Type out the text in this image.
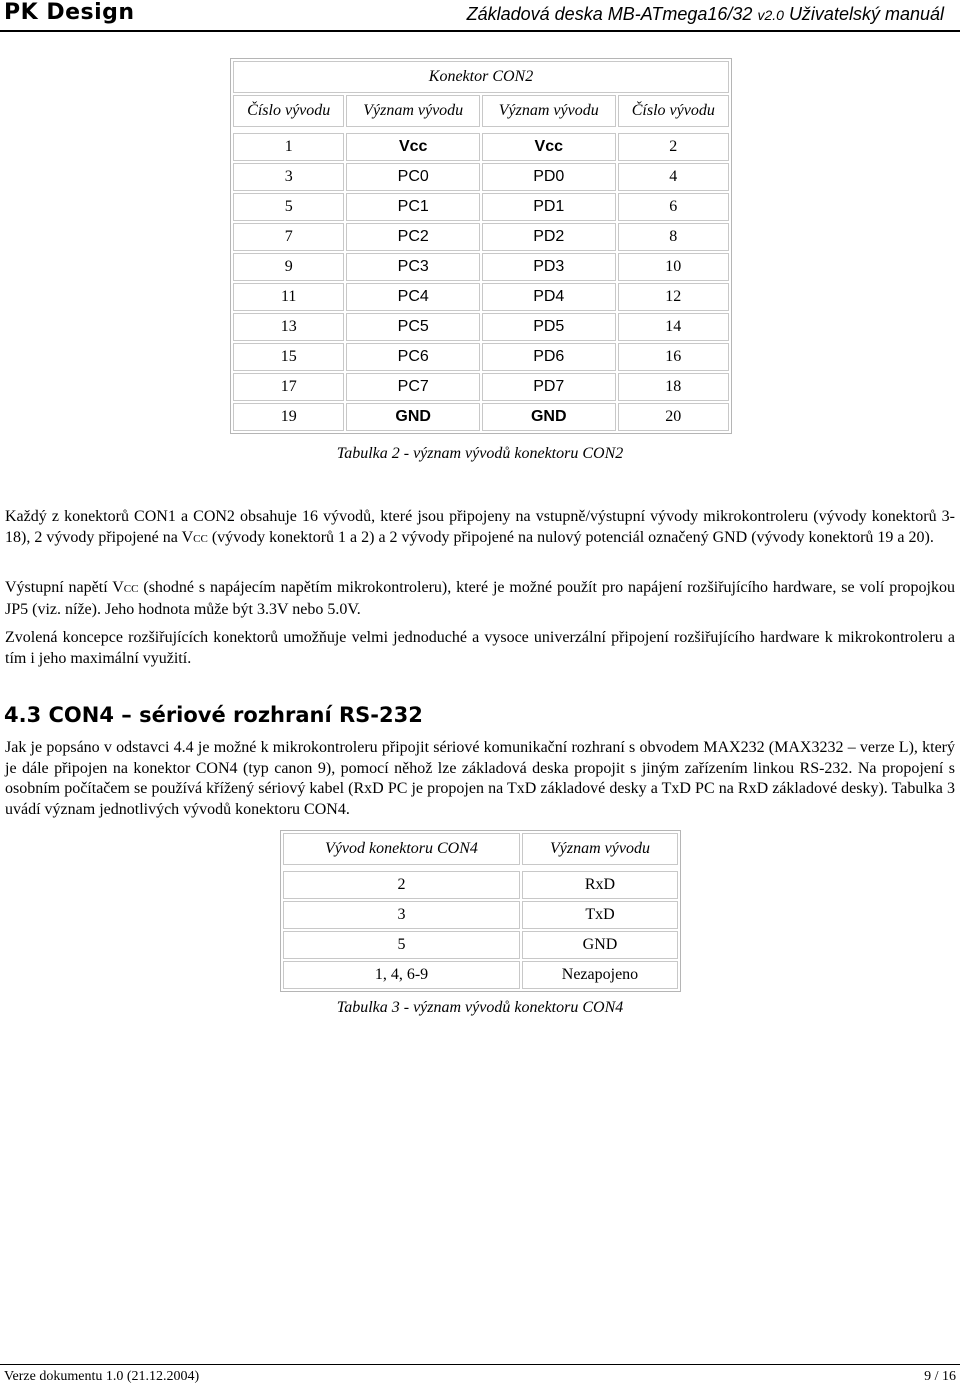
PK Design	Základová deska MB-ATmega16/32 v2.0 Uživatelský manuál
Konektor CON2			
Číslo vývodu	Význam vývodu	Význam vývodu	Číslo vývodu

1	Vcc	Vcc	2
3	PC0	PD0	4
5	PC1	PD1	6
7	PC2	PD2	8
9	PC3	PD3	10
11	PC4	PD4	12
13	PC5	PD5	14
15	PC6	PD6	16
17	PC7	PD7	18
19	GND	GND	20
Tabulka 2 - význam vývodů konektoru CON2

Každý z konektorů CON1 a CON2 obsahuje 16 vývodů, které jsou připojeny na vstupně/výstupní vývody mikrokontroleru (vývody konektorů 3-18), 2 vývody připojené na VCC (vývody konektorů 1 a 2) a 2 vývody připojené na nulový potenciál označený GND (vývody konektorů 19 a 20).

Výstupní napětí VCC (shodné s napájecím napětím mikrokontroleru), které je možné použít pro napájení rozšiřujícího hardware, se volí propojkou JP5 (viz. níže). Jeho hodnota může být 3.3V nebo 5.0V.

Zvolená koncepce rozšiřujících konektorů umožňuje velmi jednoduché a vysoce univerzální připojení rozšiřujícího hardware k mikrokontroleru a tím i jeho maximální využití.

4.3 CON4 – sériové rozhraní RS-232

Jak je popsáno v odstavci 4.4 je možné k mikrokontroleru připojit sériové komunikační rozhraní s obvodem MAX232 (MAX3232 – verze L), který je dále připojen na konektor CON4 (typ canon 9), pomocí něhož lze základová deska propojit s jiným zařízením linkou RS-232. Na propojení s osobním počítačem se používá křížený sériový kabel (RxD PC je propojen na TxD základové desky a TxD PC na RxD základové desky). Tabulka 3 uvádí význam jednotlivých vývodů konektoru CON4.

Vývod konektoru CON4	Význam vývodu

2	RxD
3	TxD
5	GND
1, 4, 6-9	Nezapojeno
Tabulka 3 - význam vývodů konektoru CON4
Verze dokumentu 1.0 (21.12.2004)	9 / 16
